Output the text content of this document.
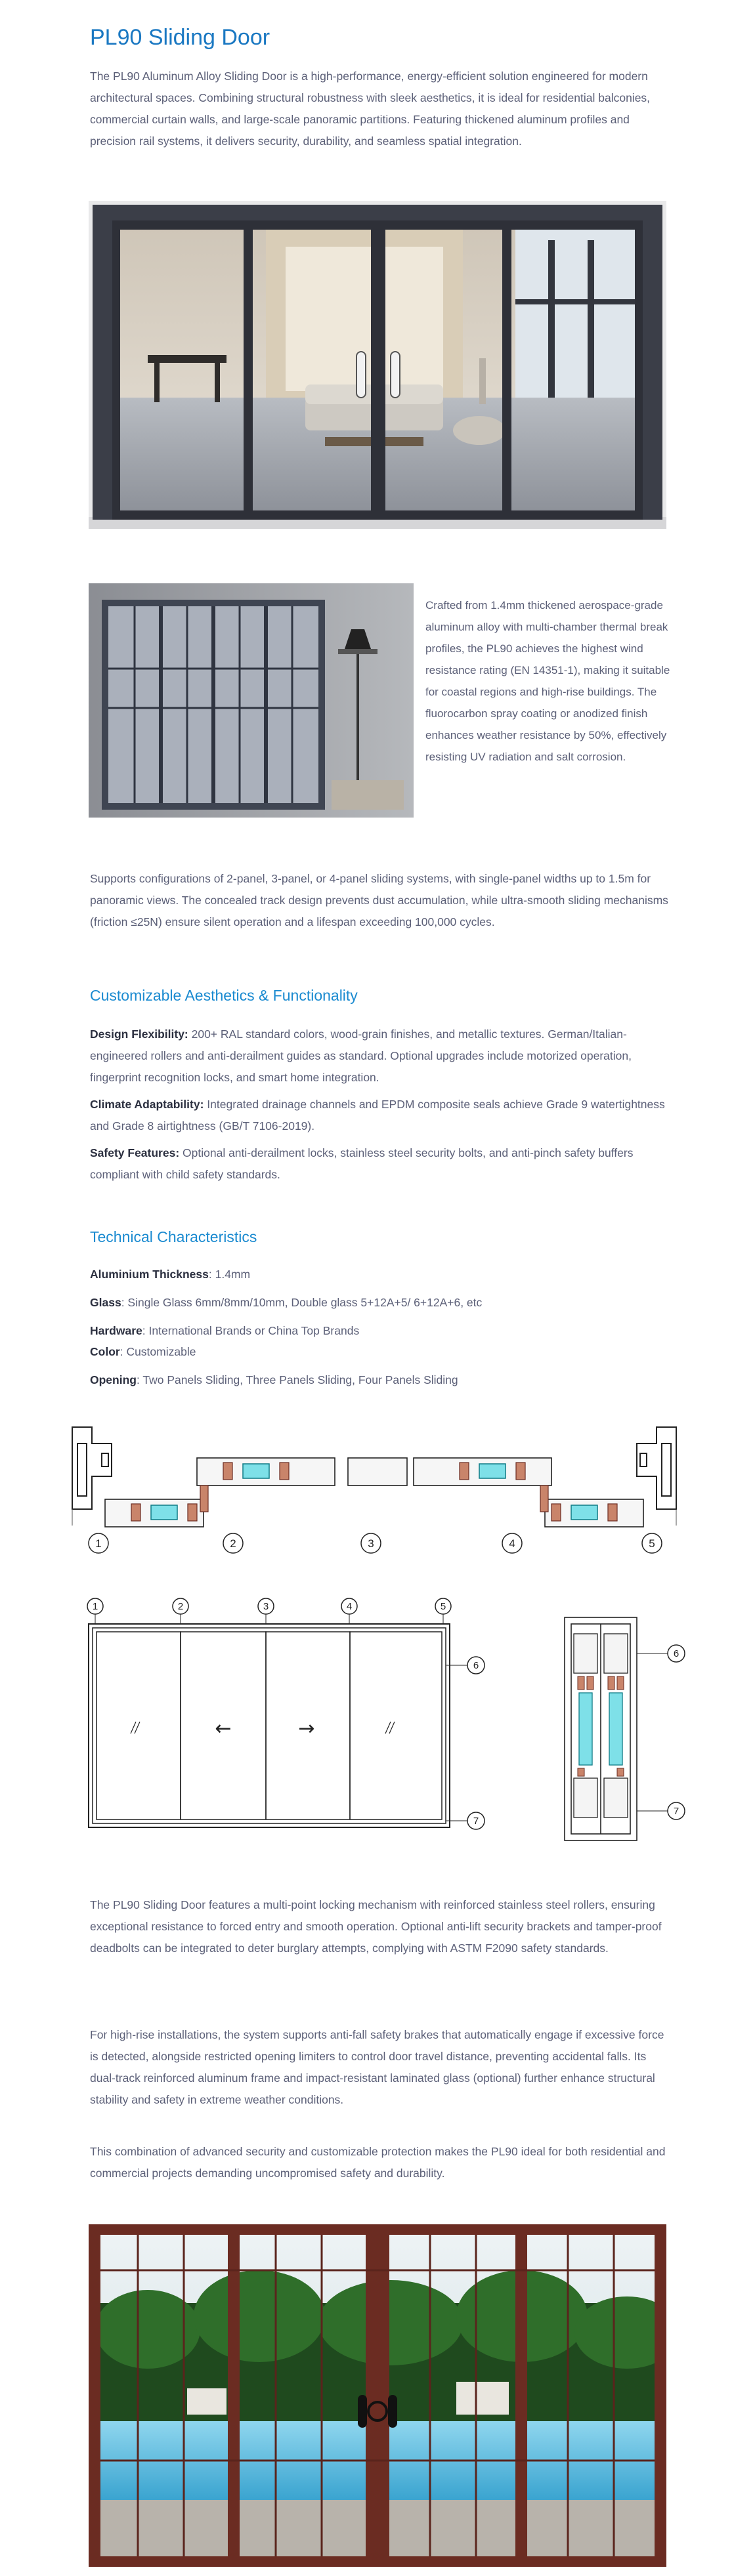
PL90 Sliding Door

The PL90 Aluminum Alloy Sliding Door is a high-performance, energy-efficient solution engineered for modern architectural spaces. Combining structural robustness with sleek aesthetics, it is ideal for residential balconies, commercial curtain walls, and large-scale panoramic partitions. Featuring thickened aluminum profiles and precision rail systems, it delivers security, durability, and seamless spatial integration.

Crafted from 1.4mm thickened aerospace-grade aluminum alloy with multi-chamber thermal break profiles, the PL90 achieves the highest wind resistance rating (EN 14351-1), making it suitable for coastal regions and high-rise buildings. The fluorocarbon spray coating or anodized finish enhances weather resistance by 50%, effectively resisting UV radiation and salt corrosion.

Supports configurations of 2-panel, 3-panel, or 4-panel sliding systems, with single-panel widths up to 1.5m for panoramic views. The concealed track design prevents dust accumulation, while ultra-smooth sliding mechanisms (friction ≤25N) ensure silent operation and a lifespan exceeding 100,000 cycles.

Customizable Aesthetics & Functionality

Design Flexibility: 200+ RAL standard colors, wood-grain finishes, and metallic textures. German/Italian-engineered rollers and anti-derailment guides as standard. Optional upgrades include motorized operation, fingerprint recognition locks, and smart home integration.

Climate Adaptability: Integrated drainage channels and EPDM composite seals achieve Grade 9 watertightness and Grade 8 airtightness (GB/T 7106-2019).

Safety Features: Optional anti-derailment locks, stainless steel security bolts, and anti-pinch safety buffers compliant with child safety standards.

Technical Characteristics
Aluminium Thickness: 1.4mm
Glass: Single Glass 6mm/8mm/10mm, Double glass 5+12A+5/ 6+12A+6, etc
Hardware: International Brands or China Top Brands
Color: Customizable
Opening: Two Panels Sliding, Three Panels Sliding, Four Panels Sliding
1	2	3	4	5
1	2	3	4	5
6
7
←	→
6
7

The PL90 Sliding Door features a multi-point locking mechanism with reinforced stainless steel rollers, ensuring exceptional resistance to forced entry and smooth operation. Optional anti-lift security brackets and tamper-proof deadbolts can be integrated to deter burglary attempts, complying with ASTM F2090 safety standards.

For high-rise installations, the system supports anti-fall safety brakes that automatically engage if excessive force is detected, alongside restricted opening limiters to control door travel distance, preventing accidental falls. Its dual-track reinforced aluminum frame and impact-resistant laminated glass (optional) further enhance structural stability and safety in extreme weather conditions.

This combination of advanced security and customizable protection makes the PL90 ideal for both residential and commercial projects demanding uncompromised safety and durability.
